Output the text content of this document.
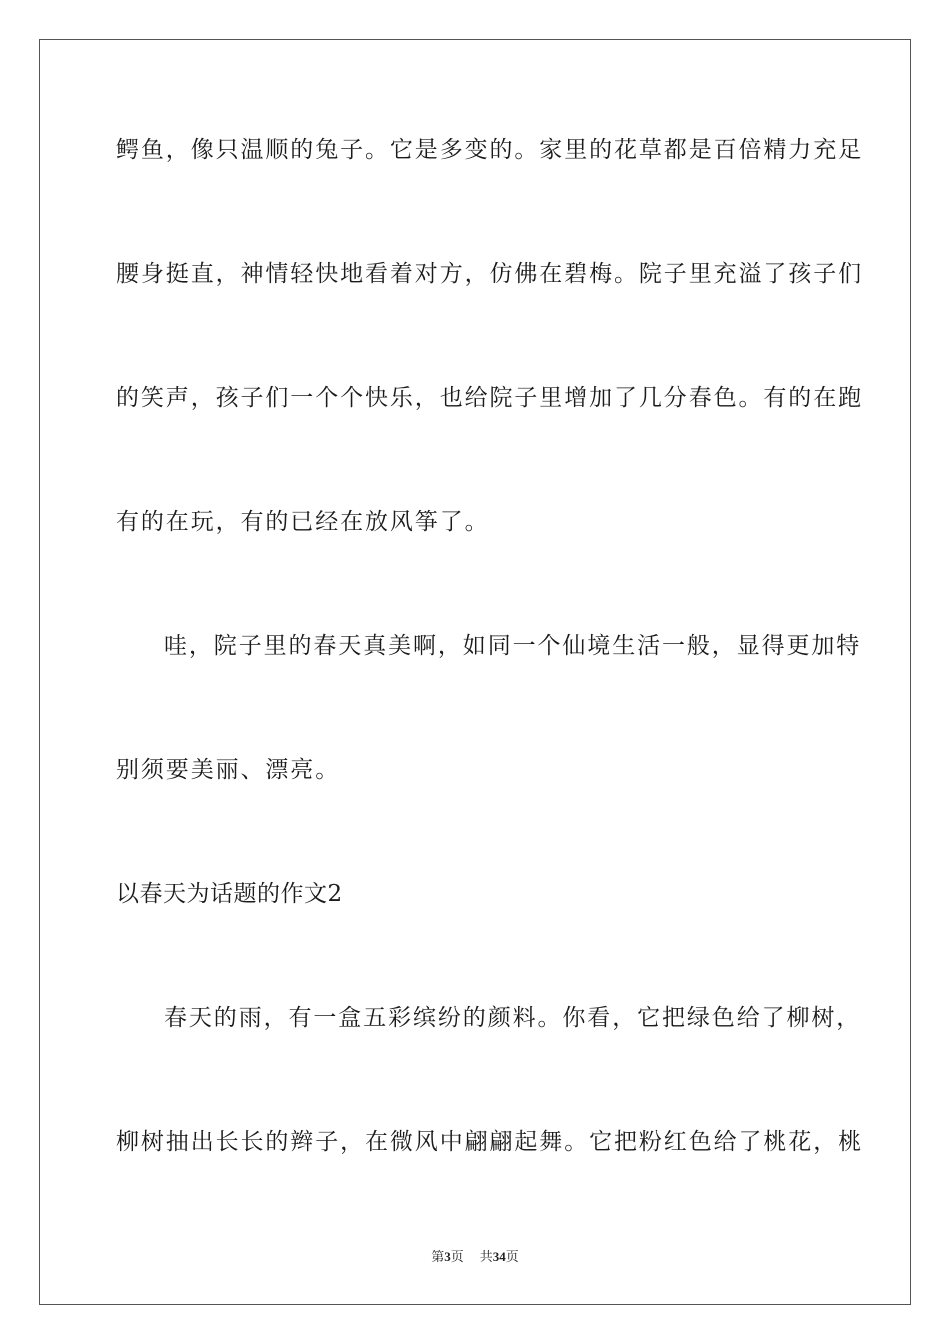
鳄鱼，像只温顺的兔子。它是多变的。家里的花草都是百倍精力充足
腰身挺直，神情轻快地看着对方，仿佛在碧梅。院子里充溢了孩子们
的笑声，孩子们一个个快乐，也给院子里增加了几分春色。有的在跑
有的在玩，有的已经在放风筝了。
哇，院子里的春天真美啊，如同一个仙境生活一般，显得更加特
别须要美丽、漂亮。
以春天为话题的作文2
春天的雨，有一盒五彩缤纷的颜料。你看，它把绿色给了柳树，
柳树抽出长长的辫子，在微风中翩翩起舞。它把粉红色给了桃花，桃
第3页 共34页
